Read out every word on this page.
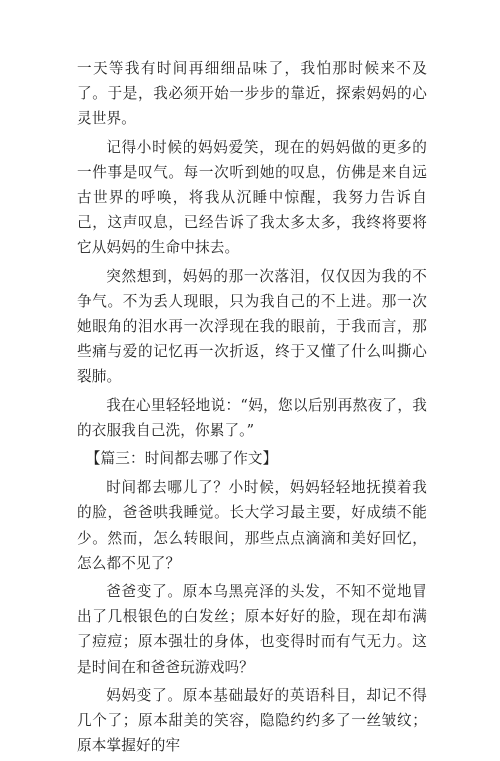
一天等我有时间再细细品味了，我怕那时候来不及了。于是，我必须开始一步步的靠近，探索妈妈的心灵世界。

记得小时候的妈妈爱笑，现在的妈妈做的更多的一件事是叹气。每一次听到她的叹息，仿佛是来自远古世界的呼唤，将我从沉睡中惊醒，我努力告诉自己，这声叹息，已经告诉了我太多太多，我终将要将它从妈妈的生命中抹去。

突然想到，妈妈的那一次落泪，仅仅因为我的不争气。不为丢人现眼，只为我自己的不上进。那一次她眼角的泪水再一次浮现在我的眼前，于我而言，那些痛与爱的记忆再一次折返，终于又懂了什么叫撕心裂肺。

我在心里轻轻地说：“妈，您以后别再熬夜了，我的衣服我自己洗，你累了。”

【篇三：时间都去哪了作文】

时间都去哪儿了？小时候，妈妈轻轻地抚摸着我的脸，爸爸哄我睡觉。长大学习最主要，好成绩不能少。然而，怎么转眼间，那些点点滴滴和美好回忆，怎么都不见了？

爸爸变了。原本乌黑亮泽的头发，不知不觉地冒出了几根银色的白发丝；原本好好的脸，现在却布满了痘痘；原本强壮的身体，也变得时而有气无力。这是时间在和爸爸玩游戏吗？

妈妈变了。原本基础最好的英语科目，却记不得几个了；原本甜美的笑容，隐隐约约多了一丝皱纹；原本掌握好的牢
